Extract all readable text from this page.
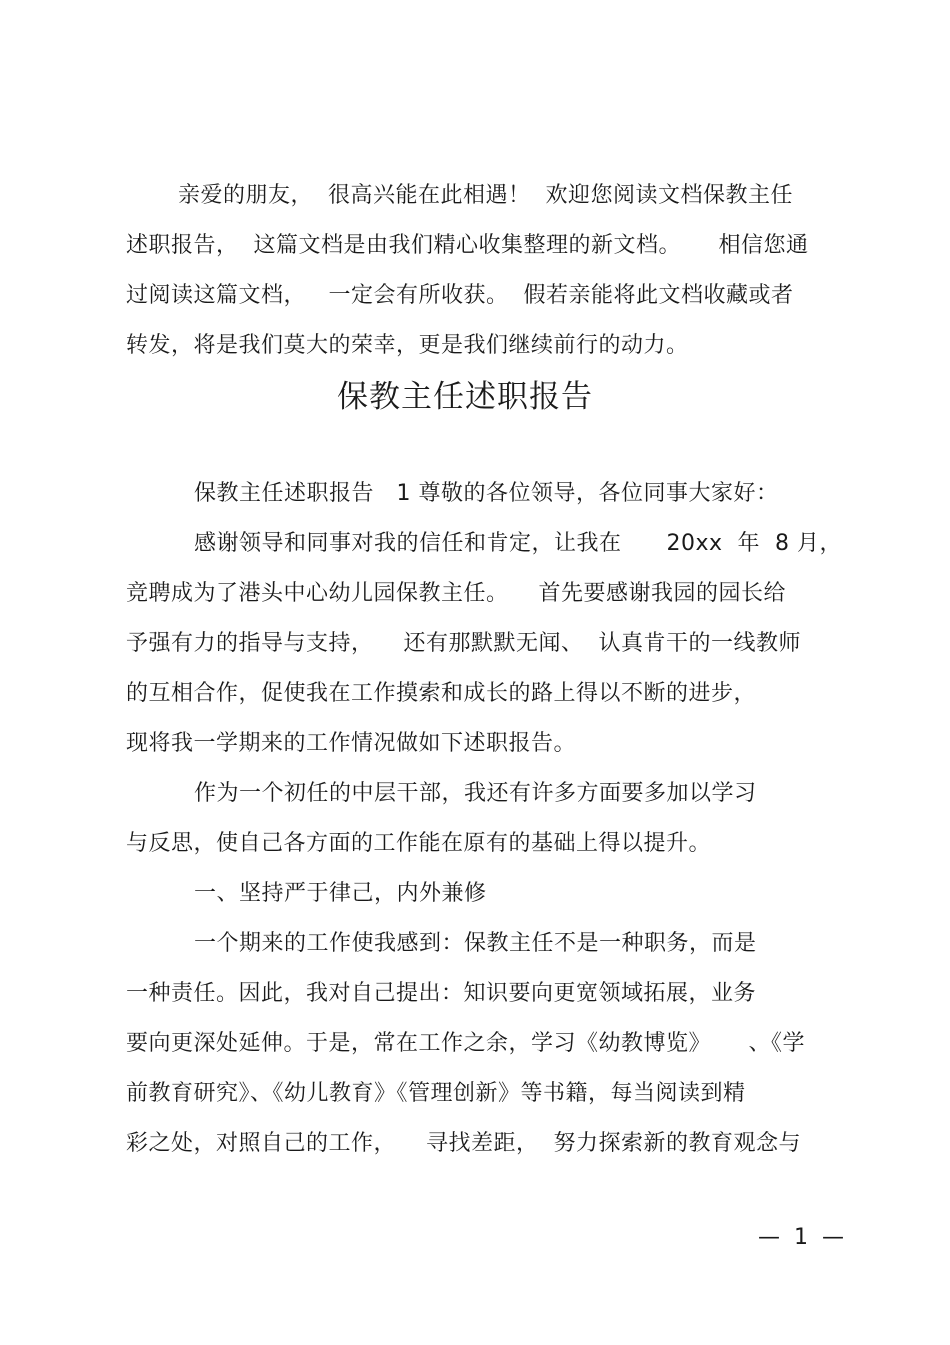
亲爱的朋友，  很高兴能在此相遇！  欢迎您阅读文档保教主任
述职报告，  这篇文档是由我们精心收集整理的新文档。     相信您通
过阅读这篇文档，   一定会有所收获。  假若亲能将此文档收藏或者
转发，将是我们莫大的荣幸，更是我们继续前行的动力。
保教主任述职报告
保教主任述职报告   1 尊敬的各位领导，各位同事大家好：
感谢领导和同事对我的信任和肯定，让我在      20xx  年  8 月，
竞聘成为了港头中心幼儿园保教主任。    首先要感谢我园的园长给
予强有力的指导与支持，    还有那默默无闻、  认真肯干的一线教师
的互相合作，促使我在工作摸索和成长的路上得以不断的进步，
现将我一学期来的工作情况做如下述职报告。
作为一个初任的中层干部，我还有许多方面要多加以学习
与反思，使自己各方面的工作能在原有的基础上得以提升。
一、坚持严于律己，内外兼修
一个期来的工作使我感到：保教主任不是一种职务，而是
一种责任。因此，我对自己提出：知识要向更宽领域拓展，业务
要向更深处延伸。于是，常在工作之余，学习《幼教博览》     、《学
前教育研究》、《幼儿教育》《管理创新》等书籍，每当阅读到精
彩之处，对照自己的工作，    寻找差距，  努力探索新的教育观念与
—  1  —
